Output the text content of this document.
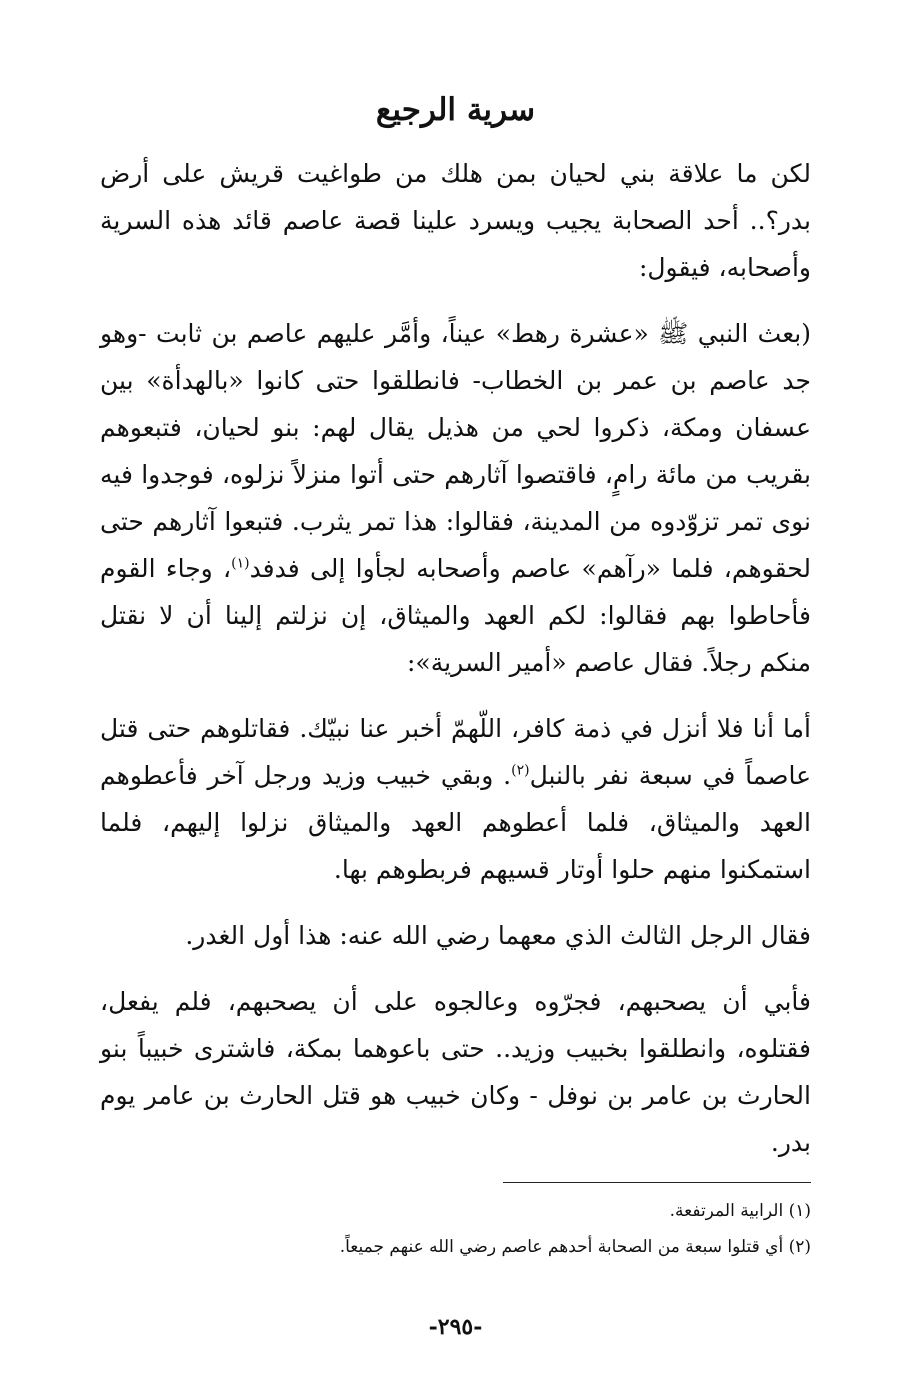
سرية الرجيع

لكن ما علاقة بني لحيان بمن هلك من طواغيت قريش على أرض بدر؟.. أحد الصحابة يجيب ويسرد علينا قصة عاصم قائد هذه السرية وأصحابه، فيقول:

(بعث النبي ﷺ «عشرة رهط» عيناً، وأمَّر عليهم عاصم بن ثابت -وهو جد عاصم بن عمر بن الخطاب- فانطلقوا حتى كانوا «بالهدأة» بين عسفان ومكة، ذكروا لحي من هذيل يقال لهم: بنو لحيان، فتبعوهم بقريب من مائة رامٍ، فاقتصوا آثارهم حتى أتوا منزلاً نزلوه، فوجدوا فيه نوى تمر تزوّدوه من المدينة، فقالوا: هذا تمر يثرب. فتبعوا آثارهم حتى لحقوهم، فلما «رآهم» عاصم وأصحابه لجأوا إلى فدفد$^{(١)}$، وجاء القوم فأحاطوا بهم فقالوا: لكم العهد والميثاق، إن نزلتم إلينا أن لا نقتل منكم رجلاً. فقال عاصم «أمير السرية»:

أما أنا فلا أنزل في ذمة كافر، اللّهمّ أخبر عنا نبيّك. فقاتلوهم حتى قتل عاصماً في سبعة نفر بالنبل$^{(٢)}$. وبقي خبيب وزيد ورجل آخر فأعطوهم العهد والميثاق، فلما أعطوهم العهد والميثاق نزلوا إليهم، فلما استمكنوا منهم حلوا أوتار قسيهم فربطوهم بها.

فقال الرجل الثالث الذي معهما رضي الله عنه: هذا أول الغدر.

فأبي أن يصحبهم، فجرّوه وعالجوه على أن يصحبهم، فلم يفعل، فقتلوه، وانطلقوا بخبيب وزيد.. حتى باعوهما بمكة، فاشترى خبيباً بنو الحارث بن عامر بن نوفل - وكان خبيب هو قتل الحارث بن عامر يوم بدر.

(١) الرابية المرتفعة.

(٢) أي قتلوا سبعة من الصحابة أحدهم عاصم رضي الله عنهم جميعاً.

-٢٩٥-
